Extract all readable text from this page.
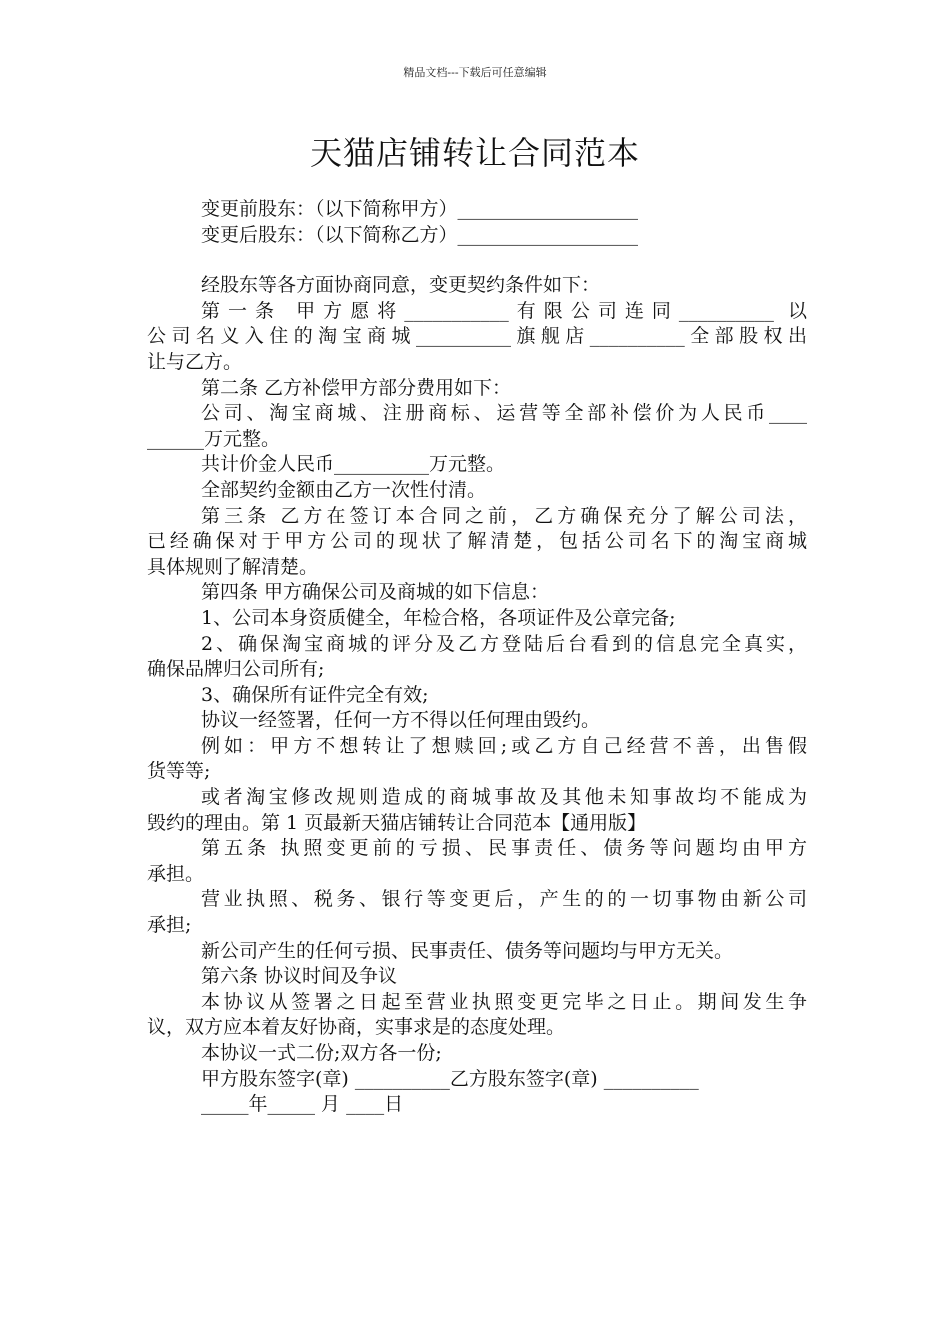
精品文档---下载后可任意编辑
天猫店铺转让合同范本
变更前股东：（以下简称甲方）___________________
变更后股东：（以下简称乙方）___________________
经股东等各方面协商同意，变更契约条件如下：
第一条 甲方愿将___________有限公司连同__________ 以
公司名义入住的淘宝商城__________旗舰店__________全部股权出
让与乙方。
第二条 乙方补偿甲方部分费用如下：
公司、淘宝商城、注册商标、运营等全部补偿价为人民币____
______万元整。
共计价金人民币__________万元整。
全部契约金额由乙方一次性付清。
第三条 乙方在签订本合同之前，乙方确保充分了解公司法，
已经确保对于甲方公司的现状了解清楚，包括公司名下的淘宝商城
具体规则了解清楚。
第四条 甲方确保公司及商城的如下信息：
1、公司本身资质健全，年检合格，各项证件及公章完备;
2、确保淘宝商城的评分及乙方登陆后台看到的信息完全真实，
确保品牌归公司所有;
3、确保所有证件完全有效;
协议一经签署，任何一方不得以任何理由毁约。
例如：甲方不想转让了想赎回;或乙方自己经营不善，出售假
货等等;
或者淘宝修改规则造成的商城事故及其他未知事故均不能成为
毁约的理由。第 1 页最新天猫店铺转让合同范本【通用版】
第五条 执照变更前的亏损、民事责任、债务等问题均由甲方
承担。
营业执照、税务、银行等变更后，产生的的一切事物由新公司
承担;
新公司产生的任何亏损、民事责任、债务等问题均与甲方无关。
第六条 协议时间及争议
本协议从签署之日起至营业执照变更完毕之日止。期间发生争
议，双方应本着友好协商，实事求是的态度处理。
本协议一式二份;双方各一份;
甲方股东签字(章) __________乙方股东签字(章) __________
_____年_____ 月 ____日
